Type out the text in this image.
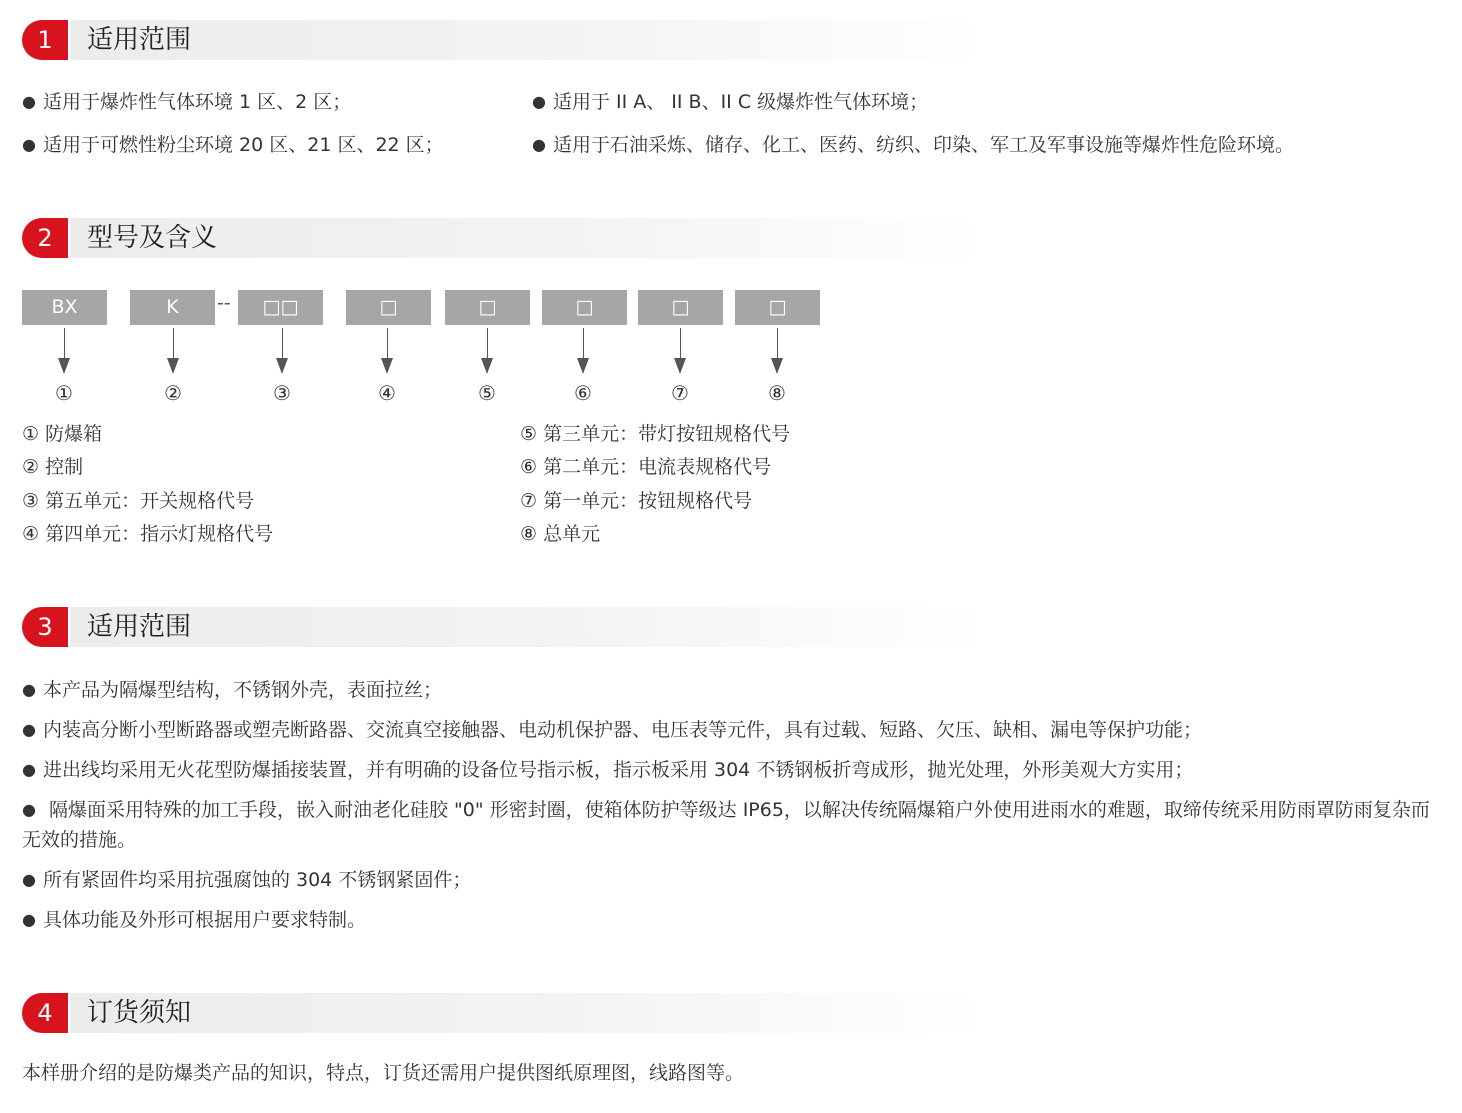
1	适用范围
● 适用于爆炸性气体环境 1 区、2 区；	● 适用于 II A、 II B、II C 级爆炸性气体环境；
● 适用于可燃性粉尘环境 20 区、21 区、22 区；	● 适用于石油采炼、储存、化工、医药、纺织、印染、军工及军事设施等爆炸性危险环境。
2	型号及含义
BX	K	--	□□	□	□	□	□	□
①	②	③	④	⑤	⑥	⑦	⑧
① 防爆箱
② 控制
③ 第五单元：开关规格代号
④ 第四单元：指示灯规格代号
⑤ 第三单元：带灯按钮规格代号
⑥ 第二单元：电流表规格代号
⑦ 第一单元：按钮规格代号
⑧ 总单元
3	适用范围
● 本产品为隔爆型结构，不锈钢外壳，表面拉丝；
● 内装高分断小型断路器或塑壳断路器、交流真空接触器、电动机保护器、电压表等元件，具有过载、短路、欠压、缺相、漏电等保护功能；
● 进出线均采用无火花型防爆插接装置，并有明确的设备位号指示板，指示板采用 304 不锈钢板折弯成形，抛光处理，外形美观大方实用；
● 隔爆面采用特殊的加工手段，嵌入耐油老化硅胶 "0" 形密封圈，使箱体防护等级达 IP65，以解决传统隔爆箱户外使用进雨水的难题，取缔传统采用防雨罩防雨复杂而无效的措施。
● 所有紧固件均采用抗强腐蚀的 304 不锈钢紧固件；
● 具体功能及外形可根据用户要求特制。
4	订货须知
本样册介绍的是防爆类产品的知识，特点，订货还需用户提供图纸原理图，线路图等。
